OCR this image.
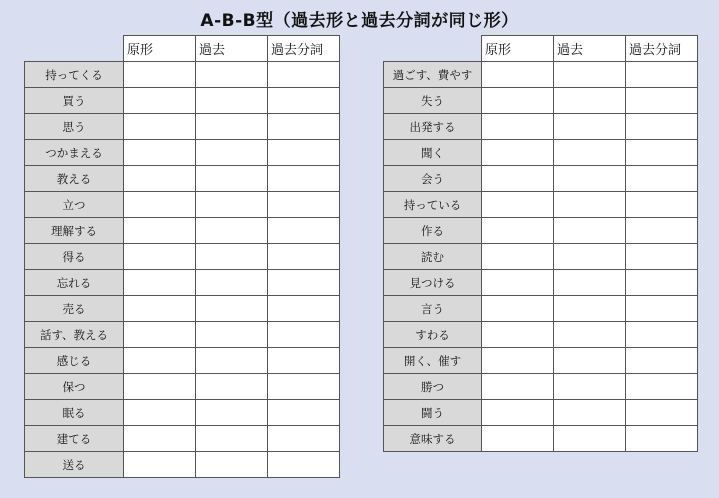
A-B-B型（過去形と過去分詞が同じ形）
	原形	過去	過去分詞
持ってくる			
買う			
思う			
つかまえる			
教える			
立つ			
理解する			
得る			
忘れる			
売る			
話す、教える			
感じる			
保つ			
眠る			
建てる			
送る			
	原形	過去	過去分詞
過ごす、費やす			
失う			
出発する			
聞く			
会う			
持っている			
作る			
読む			
見つける			
言う			
すわる			
開く、催す			
勝つ			
闘う			
意味する			
